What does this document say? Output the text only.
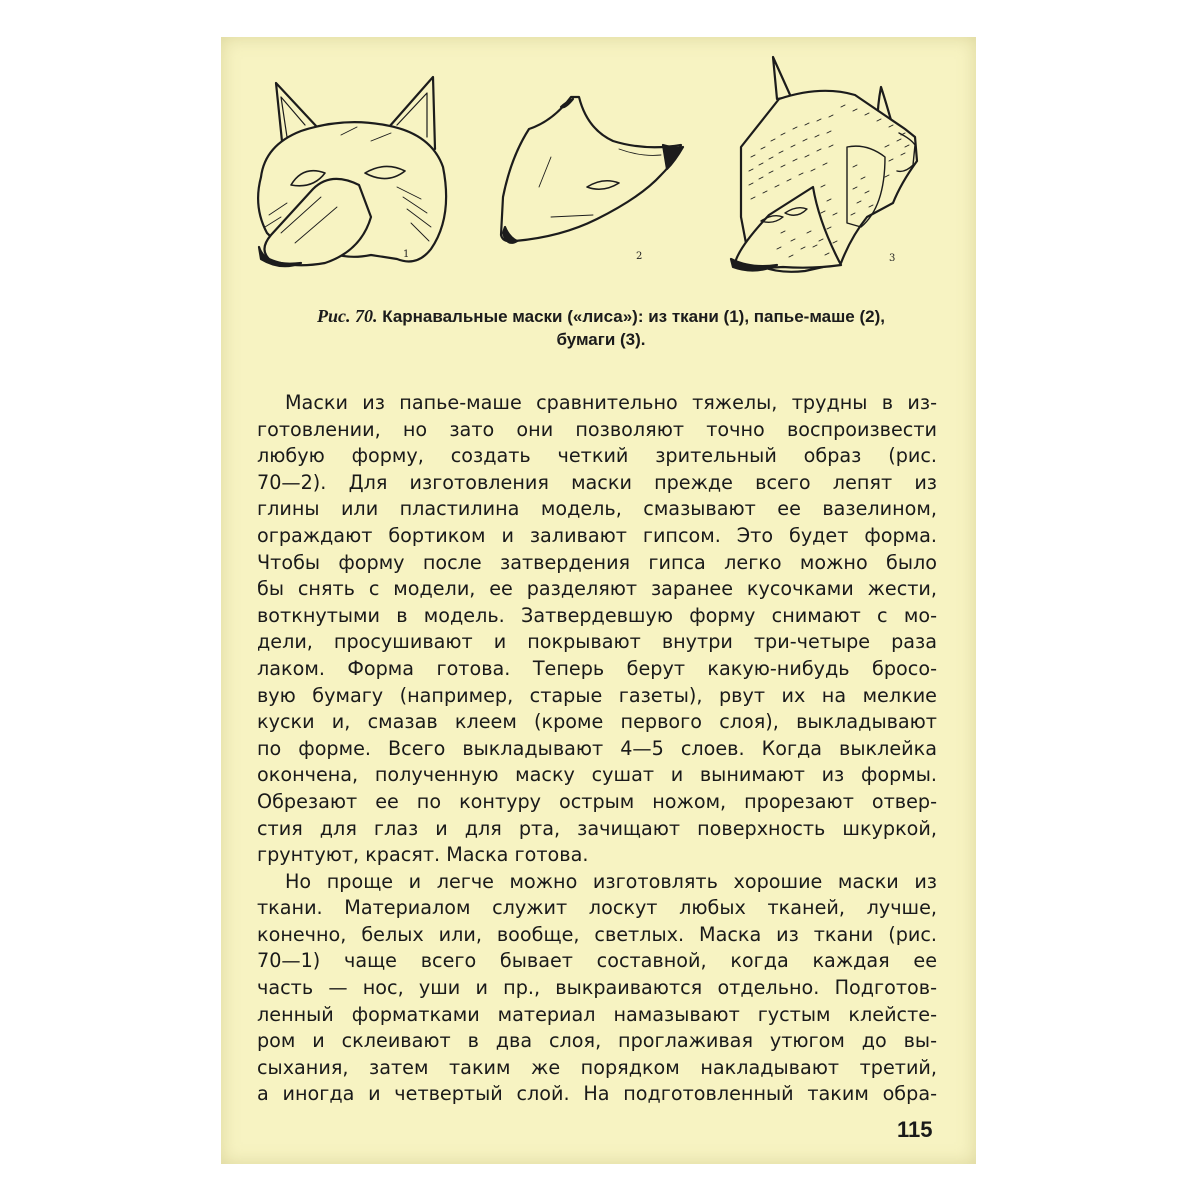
1	2	3
Рис. 70. Карнавальные маски («лиса»): из ткани (1), папье-маше (2),
бумаги (3).
Маски из папье-маше сравнительно тяжелы, трудны в из-
готовлении, но зато они позволяют точно воспроизвести
любую форму, создать четкий зрительный образ (рис.
70—2). Для изготовления маски прежде всего лепят из
глины или пластилина модель, смазывают ее вазелином,
ограждают бортиком и заливают гипсом. Это будет форма.
Чтобы форму после затвердения гипса легко можно было
бы снять с модели, ее разделяют заранее кусочками жести,
воткнутыми в модель. Затвердевшую форму снимают с мо-
дели, просушивают и покрывают внутри три-четыре раза
лаком. Форма готова. Теперь берут какую-нибудь бросо-
вую бумагу (например, старые газеты), рвут их на мелкие
куски и, смазав клеем (кроме первого слоя), выкладывают
по форме. Всего выкладывают 4—5 слоев. Когда выклейка
окончена, полученную маску сушат и вынимают из формы.
Обрезают ее по контуру острым ножом, прорезают отвер-
стия для глаз и для рта, зачищают поверхность шкуркой,
грунтуют, красят. Маска готова.
Но проще и легче можно изготовлять хорошие маски из
ткани. Материалом служит лоскут любых тканей, лучше,
конечно, белых или, вообще, светлых. Маска из ткани (рис.
70—1) чаще всего бывает составной, когда каждая ее
часть — нос, уши и пр., выкраиваются отдельно. Подготов-
ленный форматками материал намазывают густым клейсте-
ром и склеивают в два слоя, проглаживая утюгом до вы-
сыхания, затем таким же порядком накладывают третий,
а иногда и четвертый слой. На подготовленный таким обра-
115
